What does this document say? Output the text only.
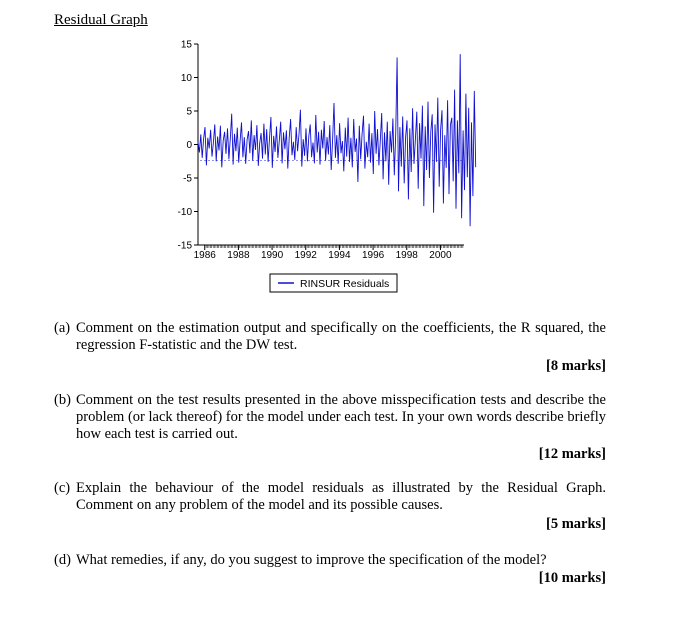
Residual Graph
15
10
5
0
-5
-10
-15
1986 1988 1990 1992 1994 1996 1998 2000
RINSUR Residuals
(a) Comment on the estimation output and specifically on the coefficients, the R squared, the regression F-statistic and the DW test.
[8 marks]
(b) Comment on the test results presented in the above misspecification tests and describe the problem (or lack thereof) for the model under each test. In your own words describe briefly how each test is carried out.
[12 marks]
(c) Explain the behaviour of the model residuals as illustrated by the Residual Graph. Comment on any problem of the model and its possible causes.
[5 marks]
(d) What remedies, if any, do you suggest to improve the specification of the model?
[10 marks]
